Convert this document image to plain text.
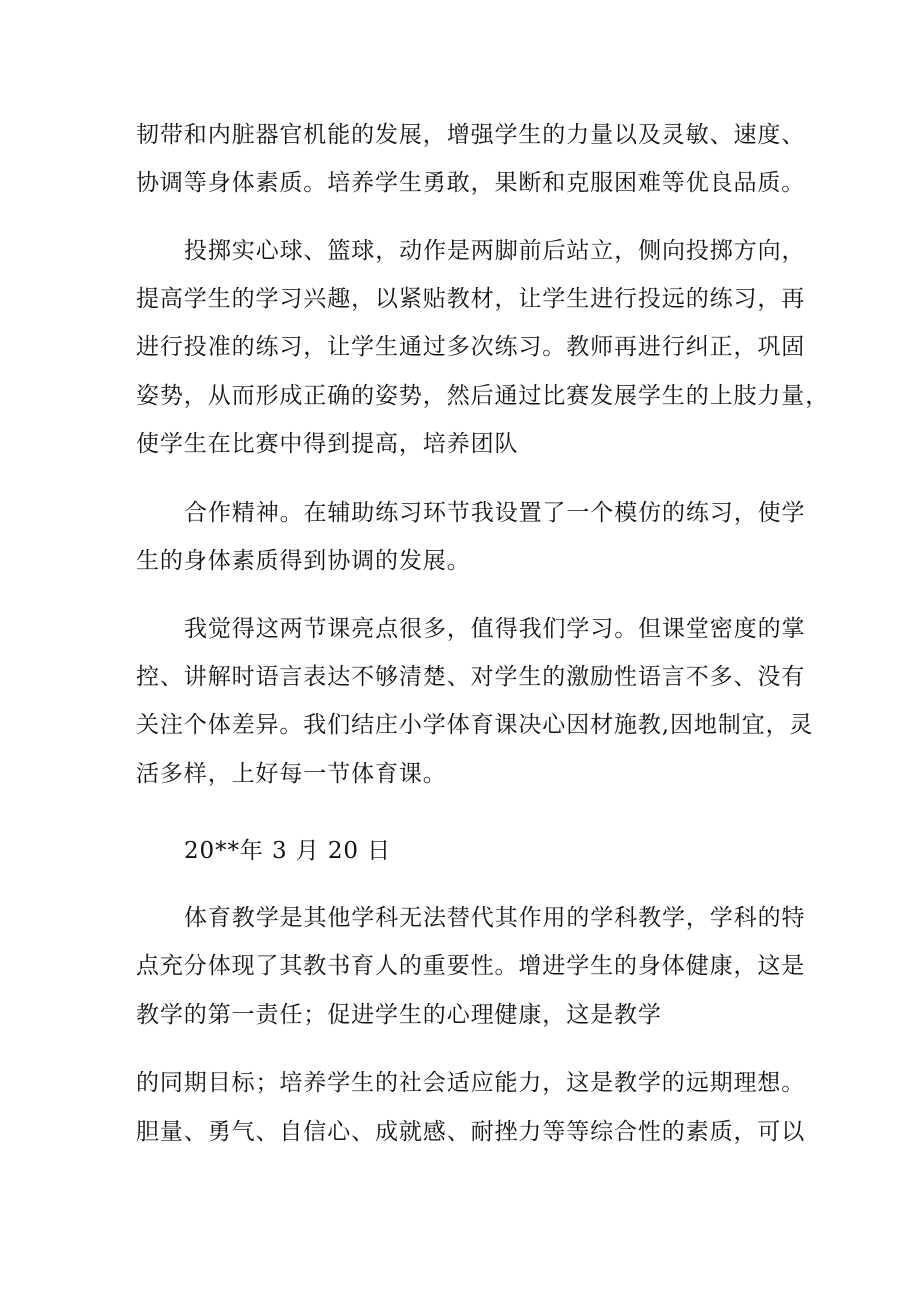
韧带和内脏器官机能的发展，增强学生的力量以及灵敏、速度、

协调等身体素质。培养学生勇敢，果断和克服困难等优良品质。

投掷实心球、篮球，动作是两脚前后站立，侧向投掷方向，

提高学生的学习兴趣，以紧贴教材，让学生进行投远的练习，再

进行投准的练习，让学生通过多次练习。教师再进行纠正，巩固

姿势，从而形成正确的姿势，然后通过比赛发展学生的上肢力量，

使学生在比赛中得到提高，培养团队

合作精神。在辅助练习环节我设置了一个模仿的练习，使学

生的身体素质得到协调的发展。

我觉得这两节课亮点很多，值得我们学习。但课堂密度的掌

控、讲解时语言表达不够清楚、对学生的激励性语言不多、没有

关注个体差异。我们结庄小学体育课决心因材施教,因地制宜，灵

活多样，上好每一节体育课。

20**年 3 月 20 日

体育教学是其他学科无法替代其作用的学科教学，学科的特

点充分体现了其教书育人的重要性。增进学生的身体健康，这是

教学的第一责任；促进学生的心理健康，这是教学

的同期目标；培养学生的社会适应能力，这是教学的远期理想。

胆量、勇气、自信心、成就感、耐挫力等等综合性的素质，可以
